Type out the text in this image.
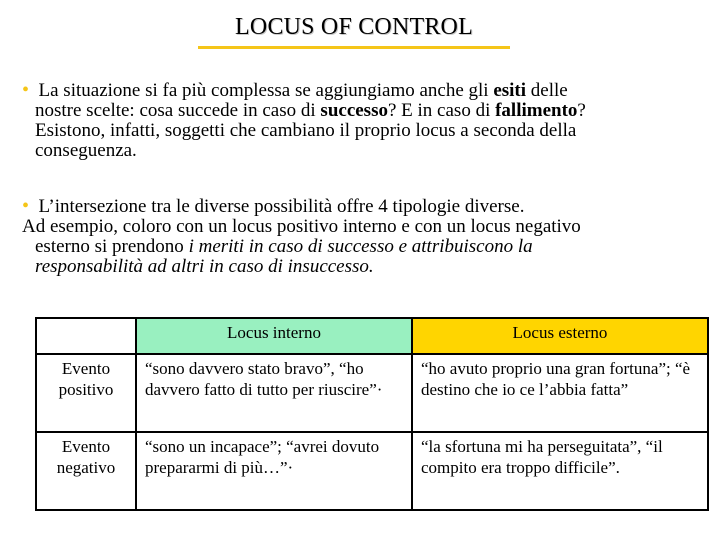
LOCUS OF CONTROL
• La situazione si fa più complessa se aggiungiamo anche gli esiti delle
nostre scelte: cosa succede in caso di successo? E in caso di fallimento?
Esistono, infatti, soggetti che cambiano il proprio locus a seconda della
conseguenza.
• L’intersezione tra le diverse possibilità offre 4 tipologie diverse.
Ad esempio, coloro con un locus positivo interno e con un locus negativo
esterno si prendono i meriti in caso di successo e attribuiscono la
responsabilità ad altri in caso di insuccesso.
	Locus interno	Locus esterno
Evento
positivo	“sono davvero stato bravo”, “ho davvero fatto di tutto per riuscire”·	“ho avuto proprio una gran fortuna”; “è destino che io ce l’abbia fatta”
Evento
negativo	“sono un incapace”; “avrei dovuto prepararmi di più…”·	“la sfortuna mi ha perseguitata”, “il compito era troppo difficile”.
